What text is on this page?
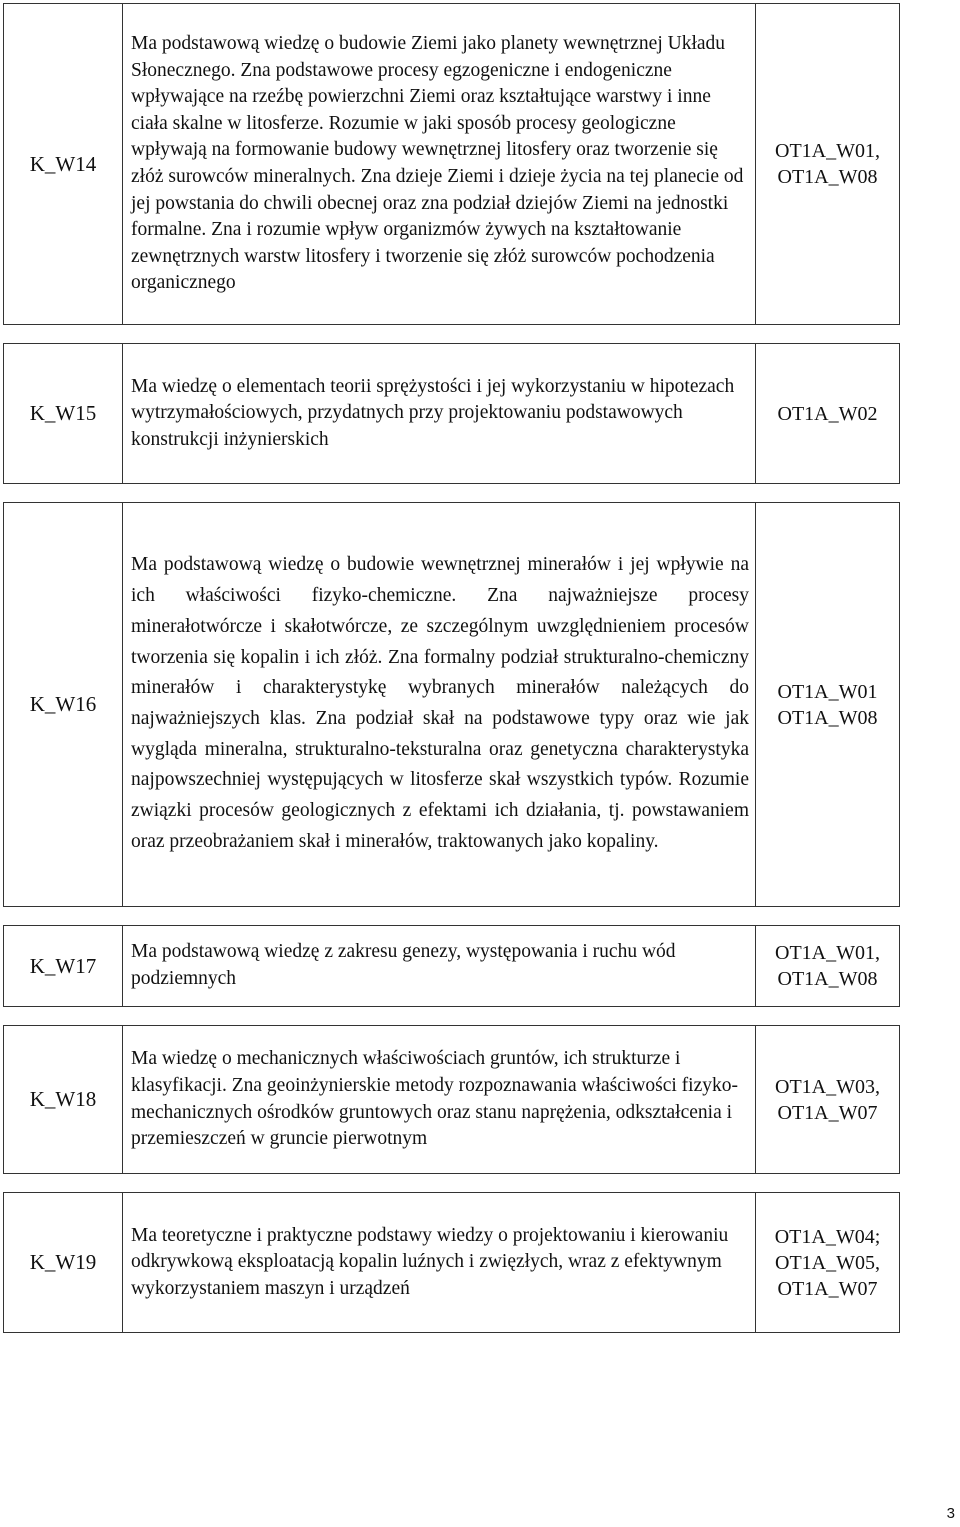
K_W14	Ma podstawową wiedzę o budowie Ziemi jako planety wewnętrznej Układu Słonecznego. Zna podstawowe procesy egzogeniczne i endogeniczne wpływające na rzeźbę powierzchni Ziemi oraz kształtujące warstwy i inne ciała skalne w litosferze. Rozumie w jaki sposób procesy geologiczne wpływają na formowanie budowy wewnętrznej litosfery oraz tworzenie się złóż surowców mineralnych. Zna dzieje Ziemi i dzieje życia na tej planecie od jej powstania do chwili obecnej oraz zna podział dziejów Ziemi na jednostki formalne. Zna i rozumie wpływ organizmów żywych na kształtowanie zewnętrznych warstw litosfery i tworzenie się złóż surowców pochodzenia organicznego	OT1A_W01,
OT1A_W08

K_W15	Ma wiedzę o elementach teorii sprężystości i jej wykorzystaniu w hipotezach wytrzymałościowych, przydatnych przy projektowaniu podstawowych konstrukcji inżynierskich	OT1A_W02

K_W16	Ma podstawową wiedzę o budowie wewnętrznej minerałów i jej wpływie na ich właściwości fizyko-chemiczne. Zna najważniejsze procesy minerałotwórcze i skałotwórcze, ze szczególnym uwzględnieniem procesów tworzenia się kopalin i ich złóż. Zna formalny podział strukturalno-chemiczny minerałów i charakterystykę wybranych minerałów należących do najważniejszych klas. Zna podział skał na podstawowe typy oraz wie jak wygląda mineralna, strukturalno-teksturalna oraz genetyczna charakterystyka najpowszechniej występujących w litosferze skał wszystkich typów. Rozumie związki procesów geologicznych z efektami ich działania, tj. powstawaniem oraz przeobrażaniem skał i minerałów, traktowanych jako kopaliny.	OT1A_W01
OT1A_W08

K_W17	Ma podstawową wiedzę z zakresu genezy, występowania i ruchu wód podziemnych	OT1A_W01,
OT1A_W08

K_W18	Ma wiedzę o mechanicznych właściwościach gruntów, ich strukturze i klasyfikacji. Zna geoinżynierskie metody rozpoznawania właściwości fizyko-mechanicznych ośrodków gruntowych oraz stanu naprężenia, odkształcenia i przemieszczeń w gruncie pierwotnym	OT1A_W03,
OT1A_W07

K_W19	Ma teoretyczne i praktyczne podstawy wiedzy o projektowaniu i kierowaniu odkrywkową eksploatacją kopalin luźnych i zwięzłych, wraz z efektywnym wykorzystaniem maszyn i urządzeń	OT1A_W04;
OT1A_W05,
OT1A_W07
3
